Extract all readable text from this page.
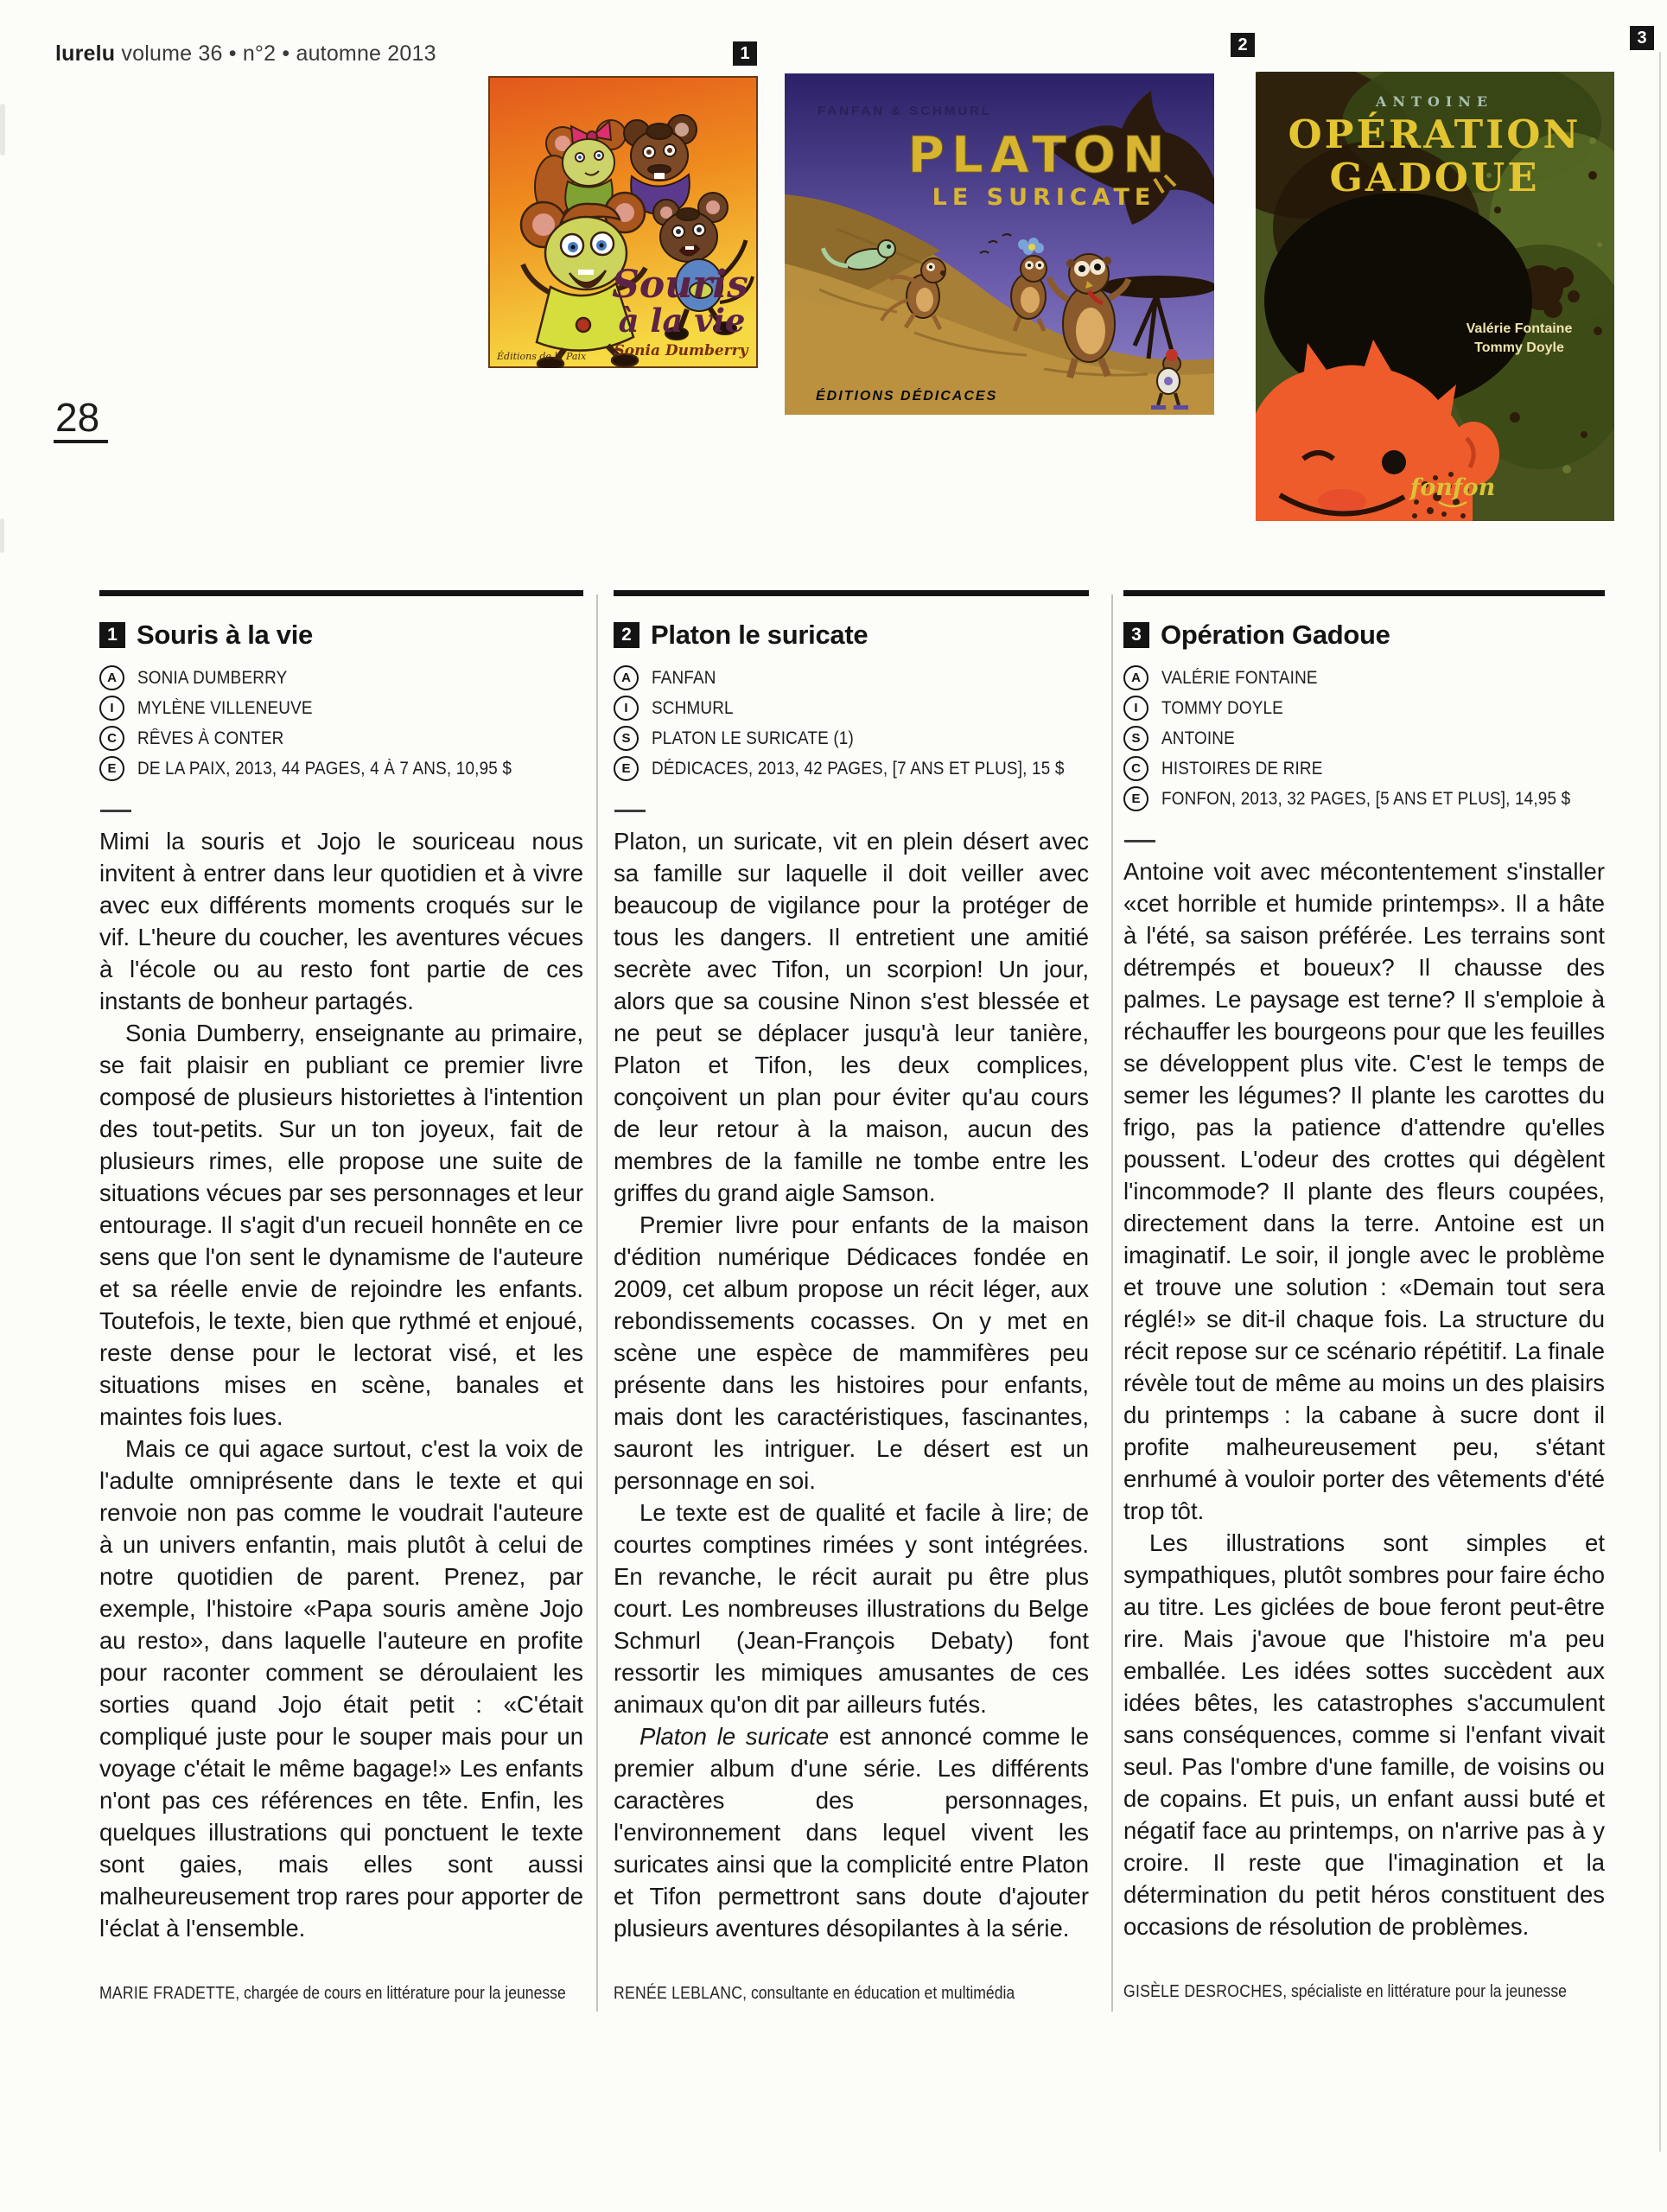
lurelu volume 36 • n°2 • automne 2013
28
1	2	3
Souris
à la vie
Sonia Dumberry
Éditions de la Paix
FANFAN & SCHMURL
PLATON
LE SURICATE
ÉDITIONS DÉDICACES
ANTOINE
OPÉRATION
GADOUE
Valérie Fontaine
Tommy Doyle
fonfon
1 Souris à la vie
A	SONIA DUMBERRY
I	MYLÈNE VILLENEUVE
C	RÊVES À CONTER
E	DE LA PAIX, 2013, 44 PAGES, 4 À 7 ANS, 10,95 $

Mimi la souris et Jojo le souriceau nous invitent à entrer dans leur quotidien et à vivre avec eux différents moments croqués sur le vif. L'heure du coucher, les aventures vécues à l'école ou au resto font partie de ces instants de bonheur partagés.

Sonia Dumberry, enseignante au primaire, se fait plaisir en publiant ce premier livre composé de plusieurs historiettes à l'intention des tout-petits. Sur un ton joyeux, fait de plusieurs rimes, elle propose une suite de situations vécues par ses personnages et leur entourage. Il s'agit d'un recueil honnête en ce sens que l'on sent le dynamisme de l'auteure et sa réelle envie de rejoindre les enfants. Toutefois, le texte, bien que rythmé et enjoué, reste dense pour le lectorat visé, et les situations mises en scène, banales et maintes fois lues.

Mais ce qui agace surtout, c'est la voix de l'adulte omniprésente dans le texte et qui renvoie non pas comme le voudrait l'auteure à un univers enfantin, mais plutôt à celui de notre quotidien de parent. Prenez, par exemple, l'histoire «Papa souris amène Jojo au resto», dans laquelle l'auteure en profite pour raconter comment se déroulaient les sorties quand Jojo était petit : «C'était compliqué juste pour le souper mais pour un voyage c'était le même bagage!» Les enfants n'ont pas ces références en tête. Enfin, les quelques illustrations qui ponctuent le texte sont gaies, mais elles sont aussi malheureusement trop rares pour apporter de l'éclat à l'ensemble.

MARIE FRADETTE, chargée de cours en littérature pour la jeunesse
2 Platon le suricate
A	FANFAN
I	SCHMURL
S	PLATON LE SURICATE (1)
E	DÉDICACES, 2013, 42 PAGES, [7 ANS ET PLUS], 15 $

Platon, un suricate, vit en plein désert avec sa famille sur laquelle il doit veiller avec beaucoup de vigilance pour la protéger de tous les dangers. Il entretient une amitié secrète avec Tifon, un scorpion! Un jour, alors que sa cousine Ninon s'est blessée et ne peut se déplacer jusqu'à leur tanière, Platon et Tifon, les deux complices, conçoivent un plan pour éviter qu'au cours de leur retour à la maison, aucun des membres de la famille ne tombe entre les griffes du grand aigle Samson.

Premier livre pour enfants de la maison d'édition numérique Dédicaces fondée en 2009, cet album propose un récit léger, aux rebondissements cocasses. On y met en scène une espèce de mammifères peu présente dans les histoires pour enfants, mais dont les caractéristiques, fascinantes, sauront les intriguer. Le désert est un personnage en soi.

Le texte est de qualité et facile à lire; de courtes comptines rimées y sont intégrées. En revanche, le récit aurait pu être plus court. Les nombreuses illustrations du Belge Schmurl (Jean-François Debaty) font ressortir les mimiques amusantes de ces animaux qu'on dit par ailleurs futés.

Platon le suricate est annoncé comme le premier album d'une série. Les différents caractères des personnages, l'environnement dans lequel vivent les suricates ainsi que la complicité entre Platon et Tifon permettront sans doute d'ajouter plusieurs aventures désopilantes à la série.

RENÉE LEBLANC, consultante en éducation et multimédia
3 Opération Gadoue
A	VALÉRIE FONTAINE
I	TOMMY DOYLE
S	ANTOINE
C	HISTOIRES DE RIRE
E	FONFON, 2013, 32 PAGES, [5 ANS ET PLUS], 14,95 $

Antoine voit avec mécontentement s'installer «cet horrible et humide printemps». Il a hâte à l'été, sa saison préférée. Les terrains sont détrempés et boueux? Il chausse des palmes. Le paysage est terne? Il s'emploie à réchauffer les bourgeons pour que les feuilles se développent plus vite. C'est le temps de semer les légumes? Il plante les carottes du frigo, pas la patience d'attendre qu'elles poussent. L'odeur des crottes qui dégèlent l'incommode? Il plante des fleurs coupées, directement dans la terre. Antoine est un imaginatif. Le soir, il jongle avec le problème et trouve une solution : «Demain tout sera réglé!» se dit-il chaque fois. La structure du récit repose sur ce scénario répétitif. La finale révèle tout de même au moins un des plaisirs du printemps : la cabane à sucre dont il profite malheureusement peu, s'étant enrhumé à vouloir porter des vêtements d'été trop tôt.

Les illustrations sont simples et sympathiques, plutôt sombres pour faire écho au titre. Les giclées de boue feront peut-être rire. Mais j'avoue que l'histoire m'a peu emballée. Les idées sottes succèdent aux idées bêtes, les catastrophes s'accumulent sans conséquences, comme si l'enfant vivait seul. Pas l'ombre d'une famille, de voisins ou de copains. Et puis, un enfant aussi buté et négatif face au printemps, on n'arrive pas à y croire. Il reste que l'imagination et la détermination du petit héros constituent des occasions de résolution de problèmes.

GISÈLE DESROCHES, spécialiste en littérature pour la jeunesse
